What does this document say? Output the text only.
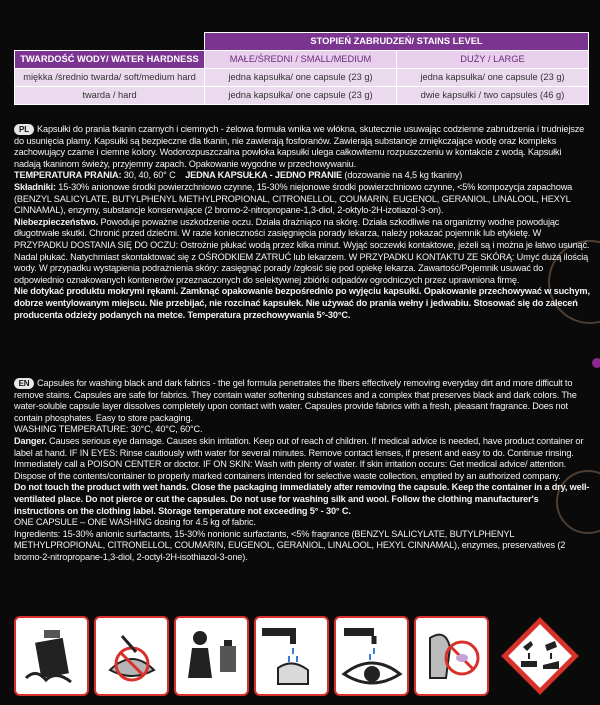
	STOPIEŃ ZABRUDZEŃ/ STAINS LEVEL	
TWARDOŚĆ WODY/ WATER HARDNESS	MAŁE/ŚREDNI / SMALL/MEDIUM	DUŻY / LARGE
miękka /średnio twarda/ soft/medium hard	jedna kapsułka/ one capsule (23 g)	jedna kapsułka/ one capsule (23 g)
twarda / hard	jedna kapsułka/ one capsule (23 g)	dwie kapsułki / two capsules (46 g)

PL Kapsułki do prania tkanin czarnych i ciemnych - żelowa formuła wnika we włókna, skutecznie usuwając codzienne zabrudzenia i trudniejsze do usunięcia plamy. Kapsułki są bezpieczne dla tkanin, nie zawierają fosforanów. Zawierają substancje zmiękczające wodę oraz kompleks zachowujący czarne i ciemne kolory. Wodorozpuszczalna powłoka kapsułki ulega całkowitemu rozpuszczeniu w kontakcie z wodą. Kapsułki nadają tkaninom świeży, przyjemny zapach. Opakowanie wygodne w przechowywaniu.

TEMPERATURA PRANIA: 30, 40, 60° C JEDNA KAPSUŁKA - JEDNO PRANIE (dozowanie na 4,5 kg tkaniny)

Składniki: 15-30% anionowe środki powierzchniowo czynne, 15-30% niejonowe środki powierzchniowo czynne, <5% kompozycja zapachowa (BENZYL SALICYLATE, BUTYLPHENYL METHYLPROPIONAL, CITRONELLOL, COUMARIN, EUGENOL, GERANIOL, LINALOOL, HEXYL CINNAMAL), enzymy, substancje konserwujące (2 bromo-2-nitropropane-1,3-diol, 2-oktylo-2H-izotiazol-3-on).

Niebezpieczeństwo. Powoduje poważne uszkodzenie oczu. Działa drażniąco na skórę. Działa szkodliwie na organizmy wodne powodując długotrwałe skutki. Chronić przed dziećmi. W razie konieczności zasięgnięcia porady lekarza, należy pokazać pojemnik lub etykietę. W PRZYPADKU DOSTANIA SIĘ DO OCZU: Ostrożnie płukać wodą przez kilka minut. Wyjąć soczewki kontaktowe, jeżeli są i można je łatwo usunąć. Nadal płukać. Natychmiast skontaktować się z OŚRODKIEM ZATRUĆ lub lekarzem. W PRZYPADKU KONTAKTU ZE SKÓRĄ: Umyć dużą ilością wody. W przypadku wystąpienia podrażnienia skóry: zasięgnąć porady /zgłosić się pod opiekę lekarza. Zawartość/Pojemnik usuwać do odpowiednio oznakowanych kontenerów przeznaczonych do selektywnej zbiórki odpadów ogrodniczych przez uprawniona firmę.

Nie dotykać produktu mokrymi rękami. Zamknąć opakowanie bezpośrednio po wyjęciu kapsułki. Opakowanie przechowywać w suchym, dobrze wentylowanym miejscu. Nie przebijać, nie rozcinać kapsułek. Nie używać do prania wełny i jedwabiu. Stosować się do zaleceń producenta odzieży podanych na metce. Temperatura przechowywania 5°-30°C.

EN Capsules for washing black and dark fabrics - the gel formula penetrates the fibers effectively removing everyday dirt and more difficult to remove stains. Capsules are safe for fabrics. They contain water softening substances and a complex that preserves black and dark colors. The water-soluble capsule layer dissolves completely upon contact with water. Capsules provide fabrics with a fresh, pleasant fragrance. Does not contain phosphates. Easy to store packaging.

WASHING TEMPERATURE: 30°C, 40°C, 60°C.

Danger. Causes serious eye damage. Causes skin irritation. Keep out of reach of children. If medical advice is needed, have product container or label at hand. IF IN EYES: Rinse cautiously with water for several minutes. Remove contact lenses, if present and easy to do. Continue rinsing. Immediately call a POISON CENTER or doctor. IF ON SKIN: Wash with plenty of water. If skin irritation occurs: Get medical advice/ attention. Dispose of the contents/container to properly marked containers intended for selective waste collection, emptied by an authorized company.

Do not touch the product with wet hands. Close the packaging immediately after removing the capsule. Keep the container in a dry, well-ventilated place. Do not pierce or cut the capsules. Do not use for washing silk and wool. Follow the clothing manufacturer's instructions on the clothing label. Storage temperature not exceeding 5° - 30° C.

ONE CAPSULE – ONE WASHING dosing for 4.5 kg of fabric.

Ingredients: 15-30% anionic surfactants, 15-30% nonionic surfactants, <5% fragrance (BENZYL SALICYLATE, BUTYLPHENYL METHYLPROPIONAL, CITRONELLOL, COUMARIN, EUGENOL, GERANIOL, LINALOOL, HEXYL CINNAMAL), enzymes, preservatives (2 bromo-2-nitropropane-1,3-diol, 2-octyl-2H-isothiazol-3-one).
